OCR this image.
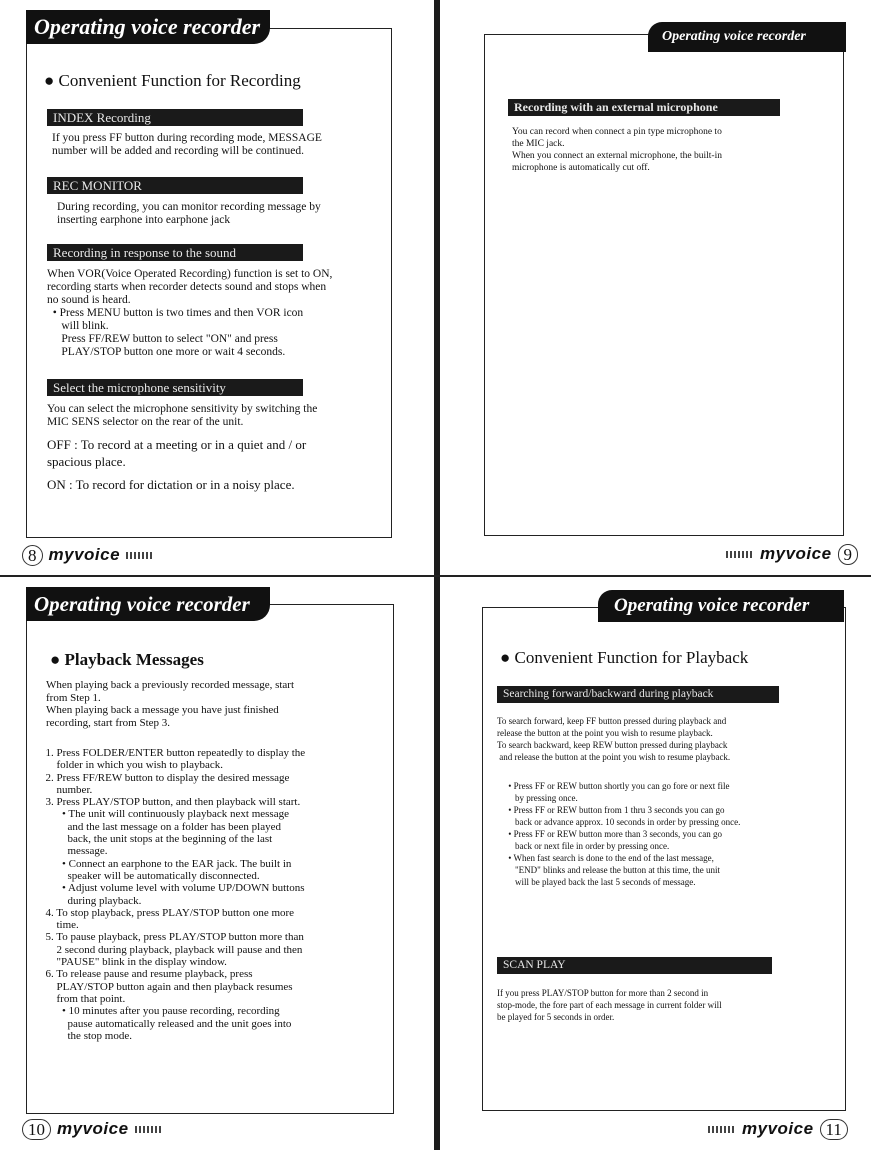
Operating voice recorder
● Convenient Function for Recording
INDEX Recording
If you press FF button during recording mode, MESSAGE
number will be added and recording will be continued.
REC MONITOR
During recording, you can monitor recording message by
inserting earphone into earphone jack
Recording in response to the sound
When VOR(Voice Operated Recording) function is set to ON,
recording starts when recorder detects sound and stops when
no sound is heard.
• Press MENU button is two times and then VOR icon
will blink.
Press FF/REW button to select "ON" and press
PLAY/STOP button one more or wait 4 seconds.
Select the microphone sensitivity
You can select the microphone sensitivity by switching the
MIC SENS selector on the rear of the unit.
OFF : To record at a meeting or in a quiet and / or
spacious place.
ON : To record for dictation or in a noisy place.
8 myvoice
Operating voice recorder
Recording with an external microphone
You can record when connect a pin type microphone to
the MIC jack.
When you connect an external microphone, the built-in
microphone is automatically cut off.
myvoice 9
Operating voice recorder
● Playback Messages
When playing back a previously recorded message, start
from Step 1.
When playing back a message you have just finished
recording, start from Step 3.
1. Press FOLDER/ENTER button repeatedly to display the
folder in which you wish to playback.
2. Press FF/REW button to display the desired message
number.
3. Press PLAY/STOP button, and then playback will start.
• The unit will continuously playback next message
and the last message on a folder has been played
back, the unit stops at the beginning of the last
message.
• Connect an earphone to the EAR jack. The built in
speaker will be automatically disconnected.
• Adjust volume level with volume UP/DOWN buttons
during playback.
4. To stop playback, press PLAY/STOP button one more
time.
5. To pause playback, press PLAY/STOP button more than
2 second during playback, playback will pause and then
"PAUSE" blink in the display window.
6. To release pause and resume playback, press
PLAY/STOP button again and then playback resumes
from that point.
• 10 minutes after you pause recording, recording
pause automatically released and the unit goes into
the stop mode.
10 myvoice
Operating voice recorder
● Convenient Function for Playback
Searching forward/backward during playback
To search forward, keep FF button pressed during playback and
release the button at the point you wish to resume playback.
To search backward, keep REW button pressed during playback
and release the button at the point you wish to resume playback.
• Press FF or REW button shortly you can go fore or next file
by pressing once.
• Press FF or REW button from 1 thru 3 seconds you can go
back or advance approx. 10 seconds in order by pressing once.
• Press FF or REW button more than 3 seconds, you can go
back or next file in order by pressing once.
• When fast search is done to the end of the last message,
"END" blinks and release the button at this time, the unit
will be played back the last 5 seconds of message.
SCAN PLAY
If you press PLAY/STOP button for more than 2 second in
stop-mode, the fore part of each message in current folder will
be played for 5 seconds in order.
myvoice 11
